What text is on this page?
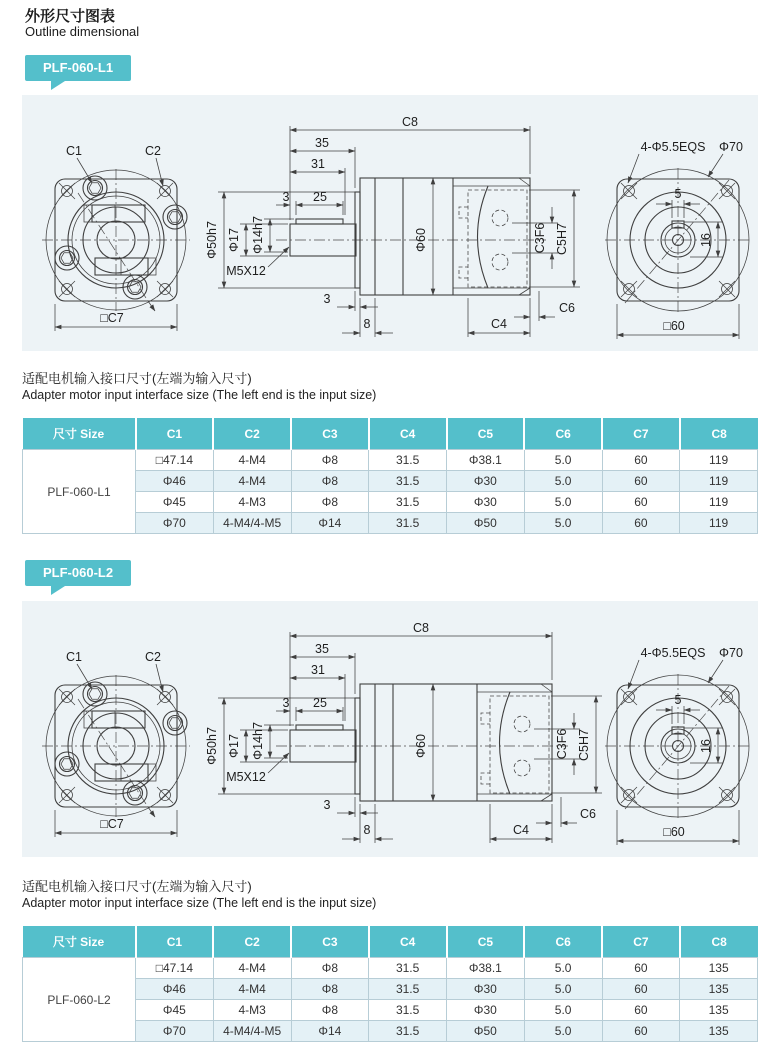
外形尺寸图表
Outline dimensional
PLF-060-L1
C1	C2
□C7
C8
35
31
3 25
Φ50h7 Φ17 Φ14h7
M5X12
Φ60	C3F6 C5H7
3
8	C4
C6
4-Φ5.5EQS Φ70
5
16
□60
适配电机输入接口尺寸(左端为输入尺寸)
Adapter motor input interface size (The left end is the input size)
尺寸 Size	C1	C2	C3	C4	C5	C6	C7	C8
PLF-060-L1	□47.14	4-M4	Φ8	31.5	Φ38.1	5.0	60	119
	Φ46	4-M4	Φ8	31.5	Φ30	5.0	60	119
	Φ45	4-M3	Φ8	31.5	Φ30	5.0	60	119
	Φ70	4-M4/4-M5	Φ14	31.5	Φ50	5.0	60	119
PLF-060-L2
C1	C2
□C7
C8
35
31
3 25
Φ50h7 Φ17 Φ14h7
M5X12
Φ60	C3F6 C5H7
3
8	C4
C6
4-Φ5.5EQS Φ70
5
16
□60
适配电机输入接口尺寸(左端为输入尺寸)
Adapter motor input interface size (The left end is the input size)
尺寸 Size	C1	C2	C3	C4	C5	C6	C7	C8
PLF-060-L2	□47.14	4-M4	Φ8	31.5	Φ38.1	5.0	60	135
	Φ46	4-M4	Φ8	31.5	Φ30	5.0	60	135
	Φ45	4-M3	Φ8	31.5	Φ30	5.0	60	135
	Φ70	4-M4/4-M5	Φ14	31.5	Φ50	5.0	60	135
